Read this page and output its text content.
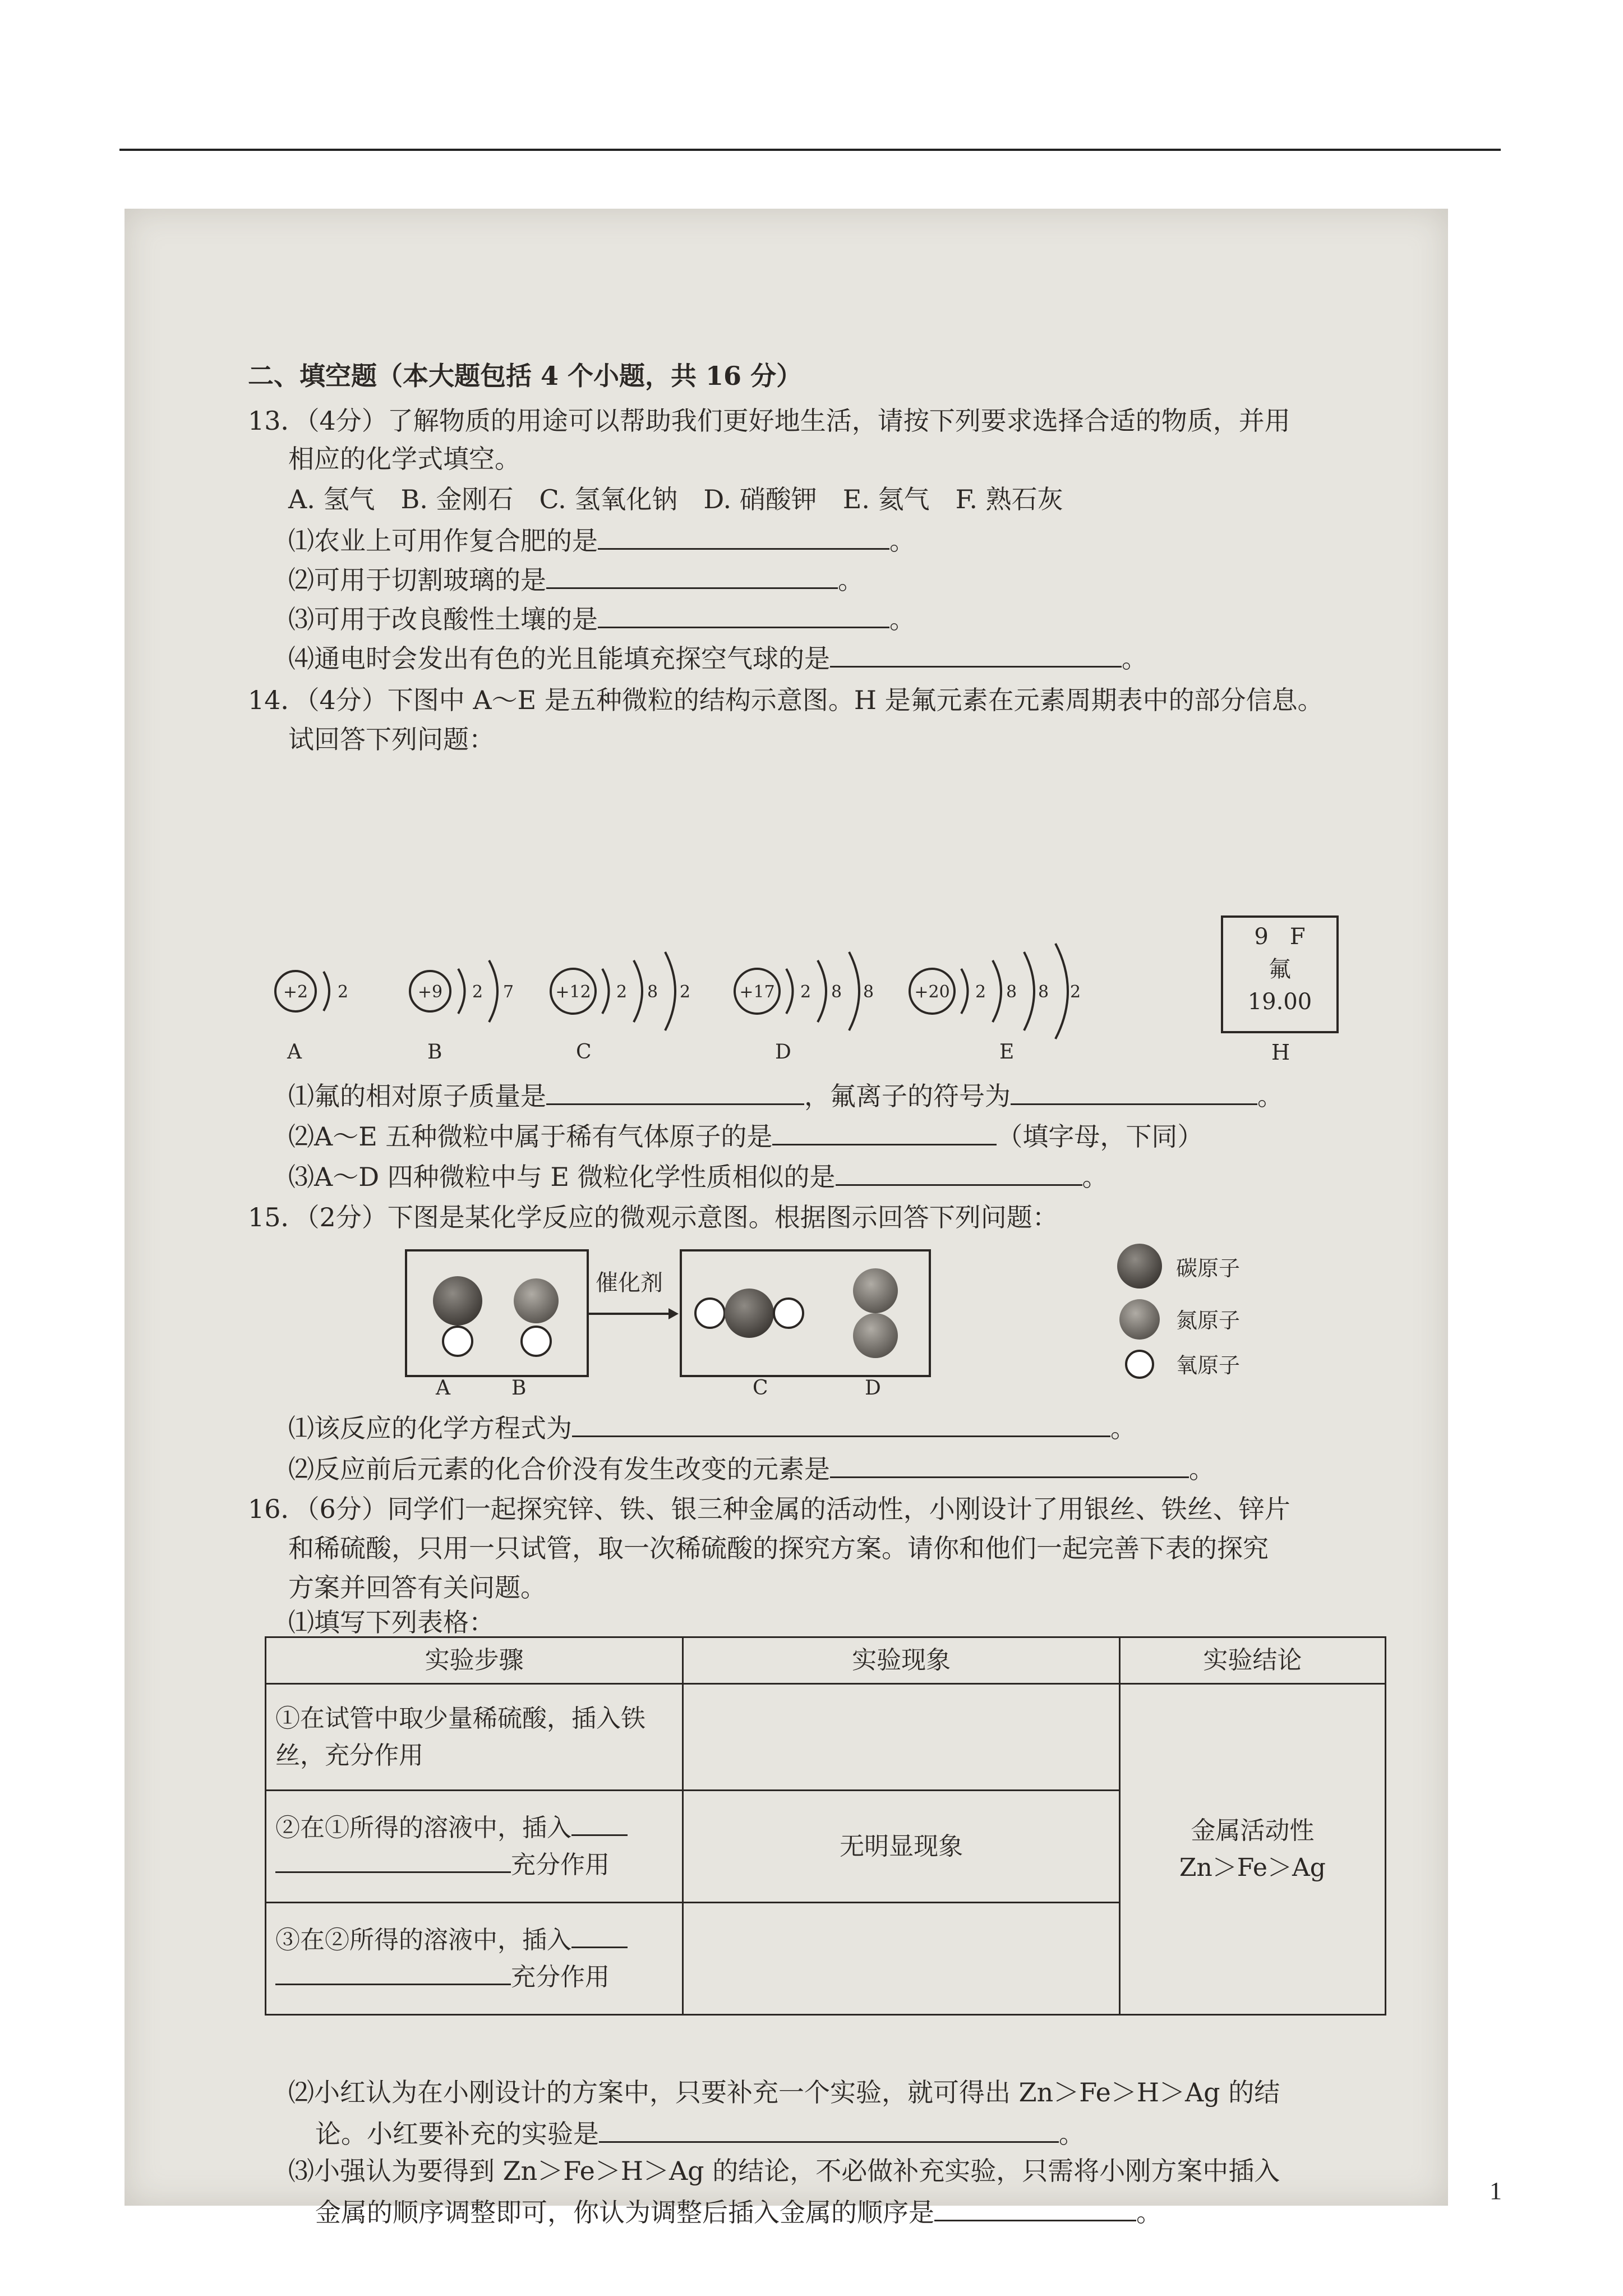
二、填空题（本大题包括 4 个小题，共 16 分）
13．（4分）了解物质的用途可以帮助我们更好地生活，请按下列要求选择合适的物质，并用
相应的化学式填空。
A. 氢气　B. 金刚石　C. 氢氧化钠　D. 硝酸钾　E. 氦气　F. 熟石灰
⑴农业上可用作复合肥的是	。
⑵可用于切割玻璃的是	。
⑶可用于改良酸性土壤的是	。
⑷通电时会发出有色的光且能填充探空气球的是	。
14．（4分）下图中 A～E 是五种微粒的结构示意图。H 是氟元素在元素周期表中的部分信息。
试回答下列问题：
+2 2
A
+9 2 7
B
+12 2 8 2
C
+17 2 8 8
D
+20 2 8 8 2
E
9 F
氟
19.00
H
⑴氟的相对原子质量是	，氟离子的符号为	。
⑵A～E 五种微粒中属于稀有气体原子的是	（填字母，下同）
⑶A～D 四种微粒中与 E 微粒化学性质相似的是	。
15．（2分）下图是某化学反应的微观示意图。根据图示回答下列问题：
催化剂
A	B	C	D
碳原子
氮原子
氧原子
⑴该反应的化学方程式为	。
⑵反应前后元素的化合价没有发生改变的元素是	。
16．（6分）同学们一起探究锌、铁、银三种金属的活动性，小刚设计了用银丝、铁丝、锌片
和稀硫酸，只用一只试管，取一次稀硫酸的探究方案。请你和他们一起完善下表的探究
方案并回答有关问题。
⑴填写下列表格：
实验步骤	实验现象	实验结论
①在试管中取少量稀硫酸，插入铁丝，充分作用		金属活动性
Zn＞Fe＞Ag

②在①所得的溶液中，插入
充分作用	无明显现象	

③在②所得的溶液中，插入
充分作用		

⑵小红认为在小刚设计的方案中，只要补充一个实验，就可得出 Zn＞Fe＞H＞Ag 的结
论。小红要补充的实验是	。
⑶小强认为要得到 Zn＞Fe＞H＞Ag 的结论，不必做补充实验，只需将小刚方案中插入
金属的顺序调整即可，你认为调整后插入金属的顺序是	。
1
